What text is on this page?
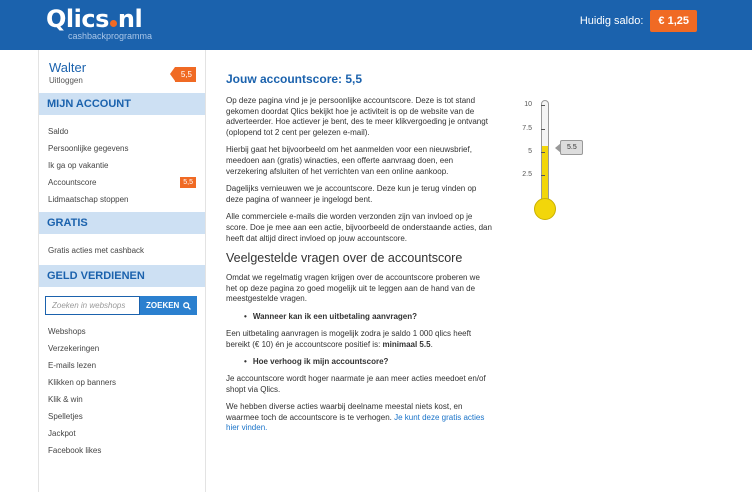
Qlics nl
cashbackprogramma
Huidig saldo:	€ 1,25
Walter
Uitloggen
5,5
MIJN ACCOUNT
Saldo
Persoonlijke gegevens
Ik ga op vakantie
Accountscore	5,5
Lidmaatschap stoppen
GRATIS
Gratis acties met cashback
GELD VERDIENEN
Zoeken in webshops
ZOEKEN
Webshops
Verzekeringen
E-mails lezen
Klikken op banners
Klik & win
Spelletjes
Jackpot
Facebook likes
Jouw accountscore: 5,5

Op deze pagina vind je je persoonlijke accountscore. Deze is tot stand gekomen doordat Qlics bekijkt hoe je activiteit is op de website van de adverteerder. Hoe actiever je bent, des te meer klikvergoeding je ontvangt (oplopend tot 2 cent per gelezen e-mail).

Hierbij gaat het bijvoorbeeld om het aanmelden voor een nieuwsbrief, meedoen aan (gratis) winacties, een offerte aanvraag doen, een verzekering afsluiten of het verrichten van een online aankoop.

Dagelijks vernieuwen we je accountscore. Deze kun je terug vinden op deze pagina of wanneer je ingelogd bent.

Alle commerciele e-mails die worden verzonden zijn van invloed op je score. Doe je mee aan een actie, bijvoorbeeld de onderstaande acties, dan heeft dat altijd direct invloed op jouw accountscore.

Veelgestelde vragen over de accountscore

Omdat we regelmatig vragen krijgen over de accountscore proberen we het op deze pagina zo goed mogelijk uit te leggen aan de hand van de meestgestelde vragen.

• Wanneer kan ik een uitbetaling aanvragen?

Een uitbetaling aanvragen is mogelijk zodra je saldo 1 000 qlics heeft bereikt (€ 10) én je accountscore positief is: minimaal 5.5.

• Hoe verhoog ik mijn accountscore?

Je accountscore wordt hoger naarmate je aan meer acties meedoet en/of shopt via Qlics.

We hebben diverse acties waarbij deelname meestal niets kost, en waarmee toch de accountscore is te verhogen. Je kunt deze gratis acties hier vinden.

10
7.5
5
2.5
5.5
